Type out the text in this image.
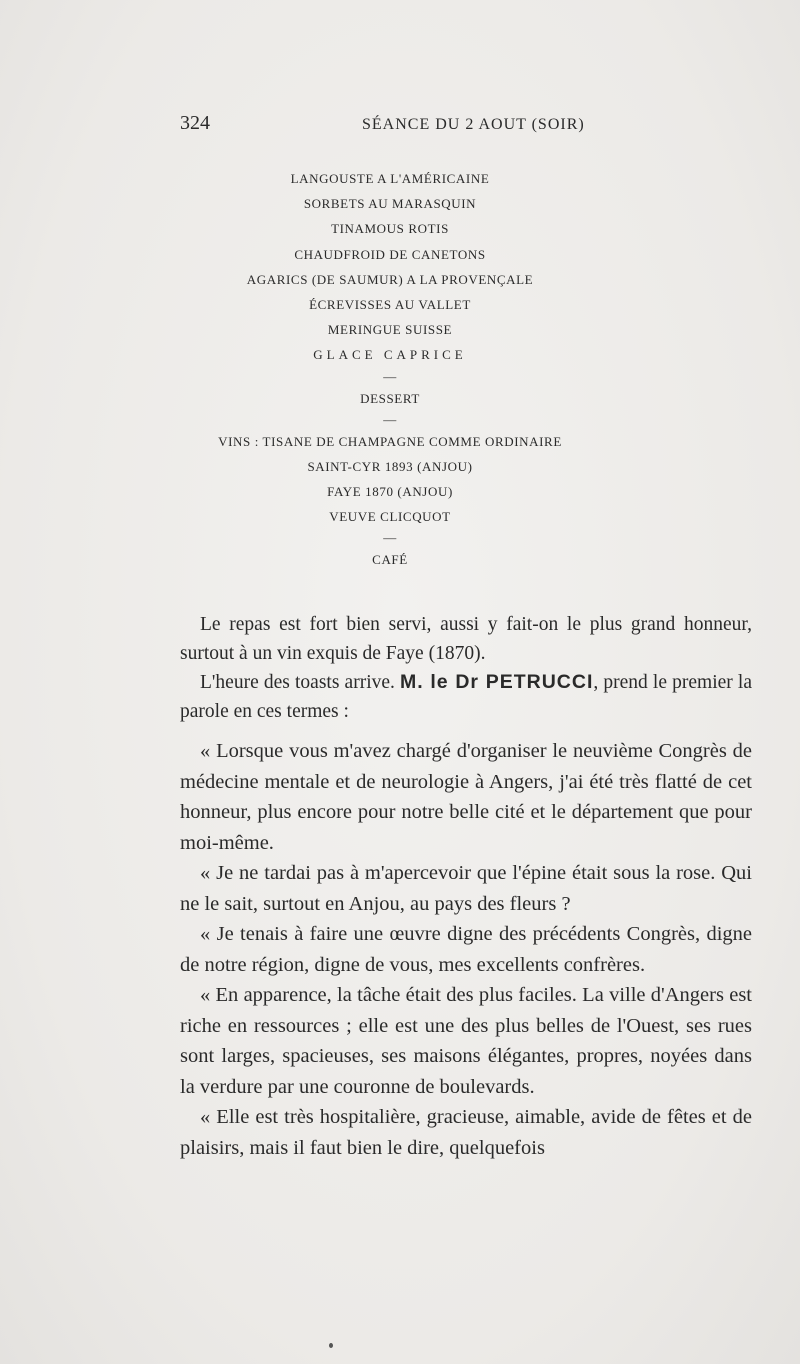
324	SÉANCE DU 2 AOUT (SOIR)
LANGOUSTE A L'AMÉRICAINE
SORBETS AU MARASQUIN
TINAMOUS ROTIS
CHAUDFROID DE CANETONS
AGARICS (DE SAUMUR) A LA PROVENÇALE
ÉCREVISSES AU VALLET
MERINGUE SUISSE
GLACE CAPRICE
—
DESSERT
—
VINS : TISANE DE CHAMPAGNE COMME ORDINAIRE
SAINT-CYR 1893 (ANJOU)
FAYE 1870 (ANJOU)
VEUVE CLICQUOT
—
CAFÉ

Le repas est fort bien servi, aussi y fait-on le plus grand honneur, surtout à un vin exquis de Faye (1870).

L'heure des toasts arrive. M. le Dr PETRUCCI, prend le premier la parole en ces termes :

« Lorsque vous m'avez chargé d'organiser le neuvième Congrès de médecine mentale et de neurologie à Angers, j'ai été très flatté de cet honneur, plus encore pour notre belle cité et le département que pour moi-même.

« Je ne tardai pas à m'apercevoir que l'épine était sous la rose. Qui ne le sait, surtout en Anjou, au pays des fleurs ?

« Je tenais à faire une œuvre digne des précédents Congrès, digne de notre région, digne de vous, mes excellents confrères.

« En apparence, la tâche était des plus faciles. La ville d'Angers est riche en ressources ; elle est une des plus belles de l'Ouest, ses rues sont larges, spacieuses, ses maisons élégantes, propres, noyées dans la verdure par une couronne de boulevards.

« Elle est très hospitalière, gracieuse, aimable, avide de fêtes et de plaisirs, mais il faut bien le dire, quelquefois
